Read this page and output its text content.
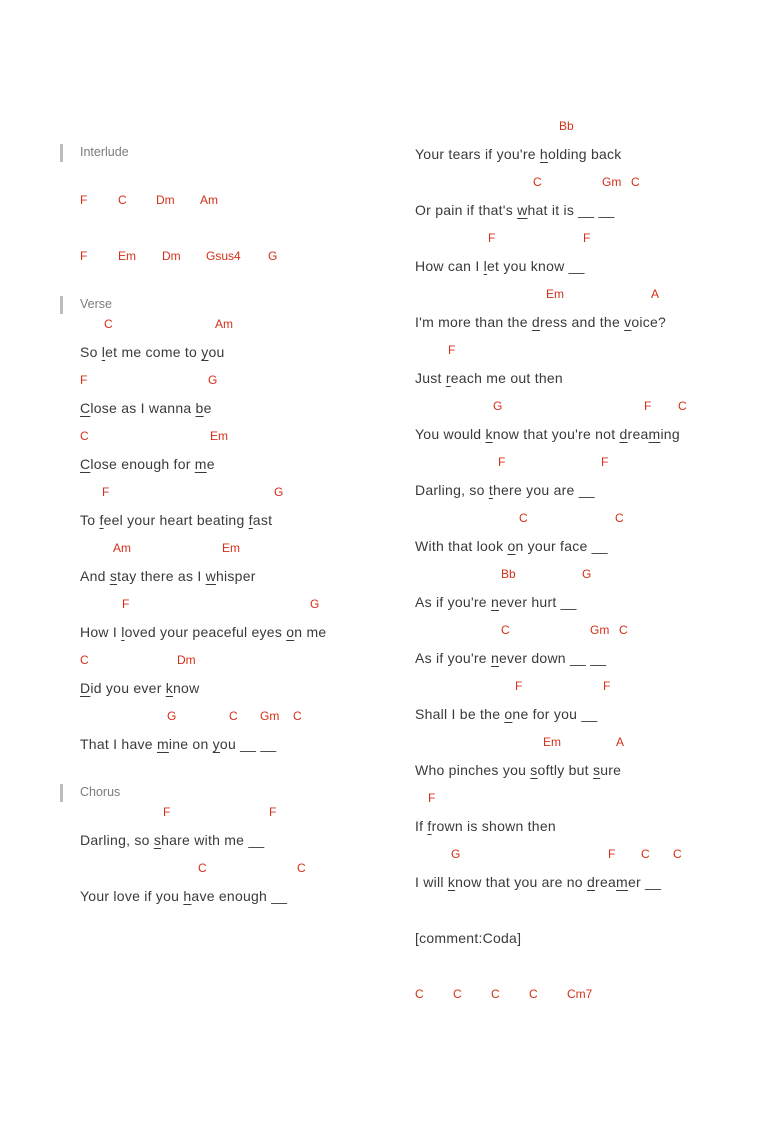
Interlude
F	C Dm Am
F	Em Dm Gsus4 G
Verse
C	Am
So let me come to you
F	G
Close as I wanna be
C	Em
Close enough for me
F	G
To feel your heart beating fast
Am	Em
And stay there as I whisper
F	G
How I loved your peaceful eyes on me
C	Dm
Did you ever know
G	C Gm C
That I have mine on you __ __
Chorus
F	F
Darling, so share with me __
C	C
Your love if you have enough __
Bb
Your tears if you're holding back
C	Gm C
Or pain if that's what it is __ __
F	F
How can I let you know __
Em	A
I'm more than the dress and the voice?
F
Just reach me out then
G	F C
You would know that you're not dreaming
F	F
Darling, so there you are __
C	C
With that look on your face __
Bb	G
As if you're never hurt __
C	Gm C
As if you're never down __ __
F	F
Shall I be the one for you __
Em	A
Who pinches you softly but sure
F
If frown is shown then
G	F C C
I will know that you are no dreamer __
[comment:Coda]
C C C C Cm7
